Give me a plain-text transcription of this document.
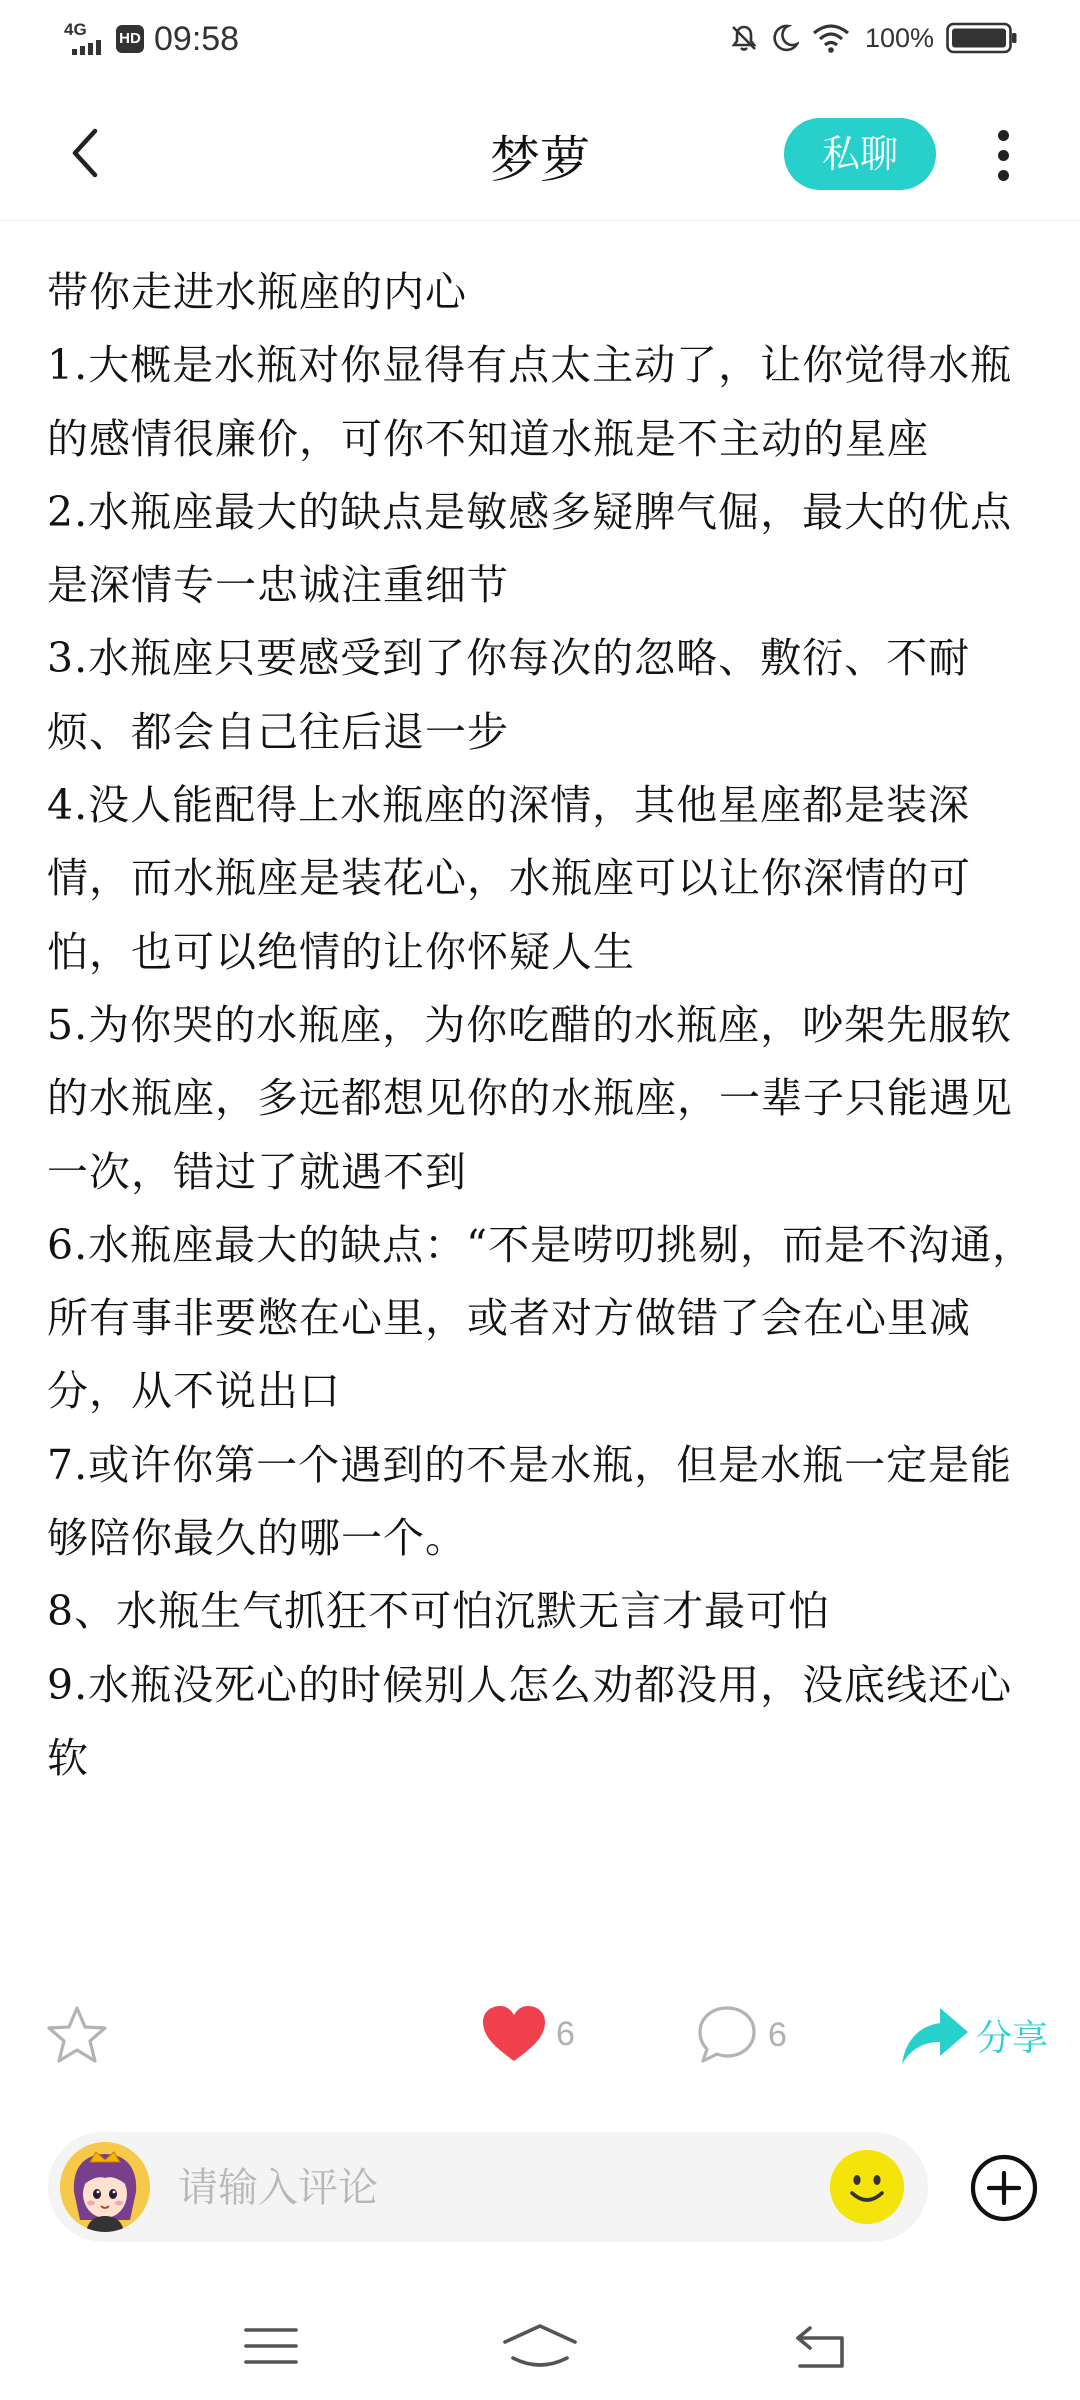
4G HD 09:58	100%
梦萝	私聊

带你走进水瓶座的内心

1.大概是水瓶对你显得有点太主动了，让你觉得水瓶的感情很廉价，可你不知道水瓶是不主动的星座

2.水瓶座最大的缺点是敏感多疑脾气倔，最大的优点是深情专一忠诚注重细节

3.水瓶座只要感受到了你每次的忽略、敷衍、不耐烦、都会自己往后退一步

4.没人能配得上水瓶座的深情，其他星座都是装深情，而水瓶座是装花心，水瓶座可以让你深情的可怕，也可以绝情的让你怀疑人生

5.为你哭的水瓶座，为你吃醋的水瓶座，吵架先服软的水瓶座，多远都想见你的水瓶座，一辈子只能遇见一次，错过了就遇不到

6.水瓶座最大的缺点：“不是唠叨挑剔，而是不沟通，所有事非要憋在心里，或者对方做错了会在心里减分，从不说出口

7.或许你第一个遇到的不是水瓶，但是水瓶一定是能够陪你最久的哪一个。

8、水瓶生气抓狂不可怕沉默无言才最可怕

9.水瓶没死心的时候别人怎么劝都没用，没底线还心软

6	6	分享
请输入评论
